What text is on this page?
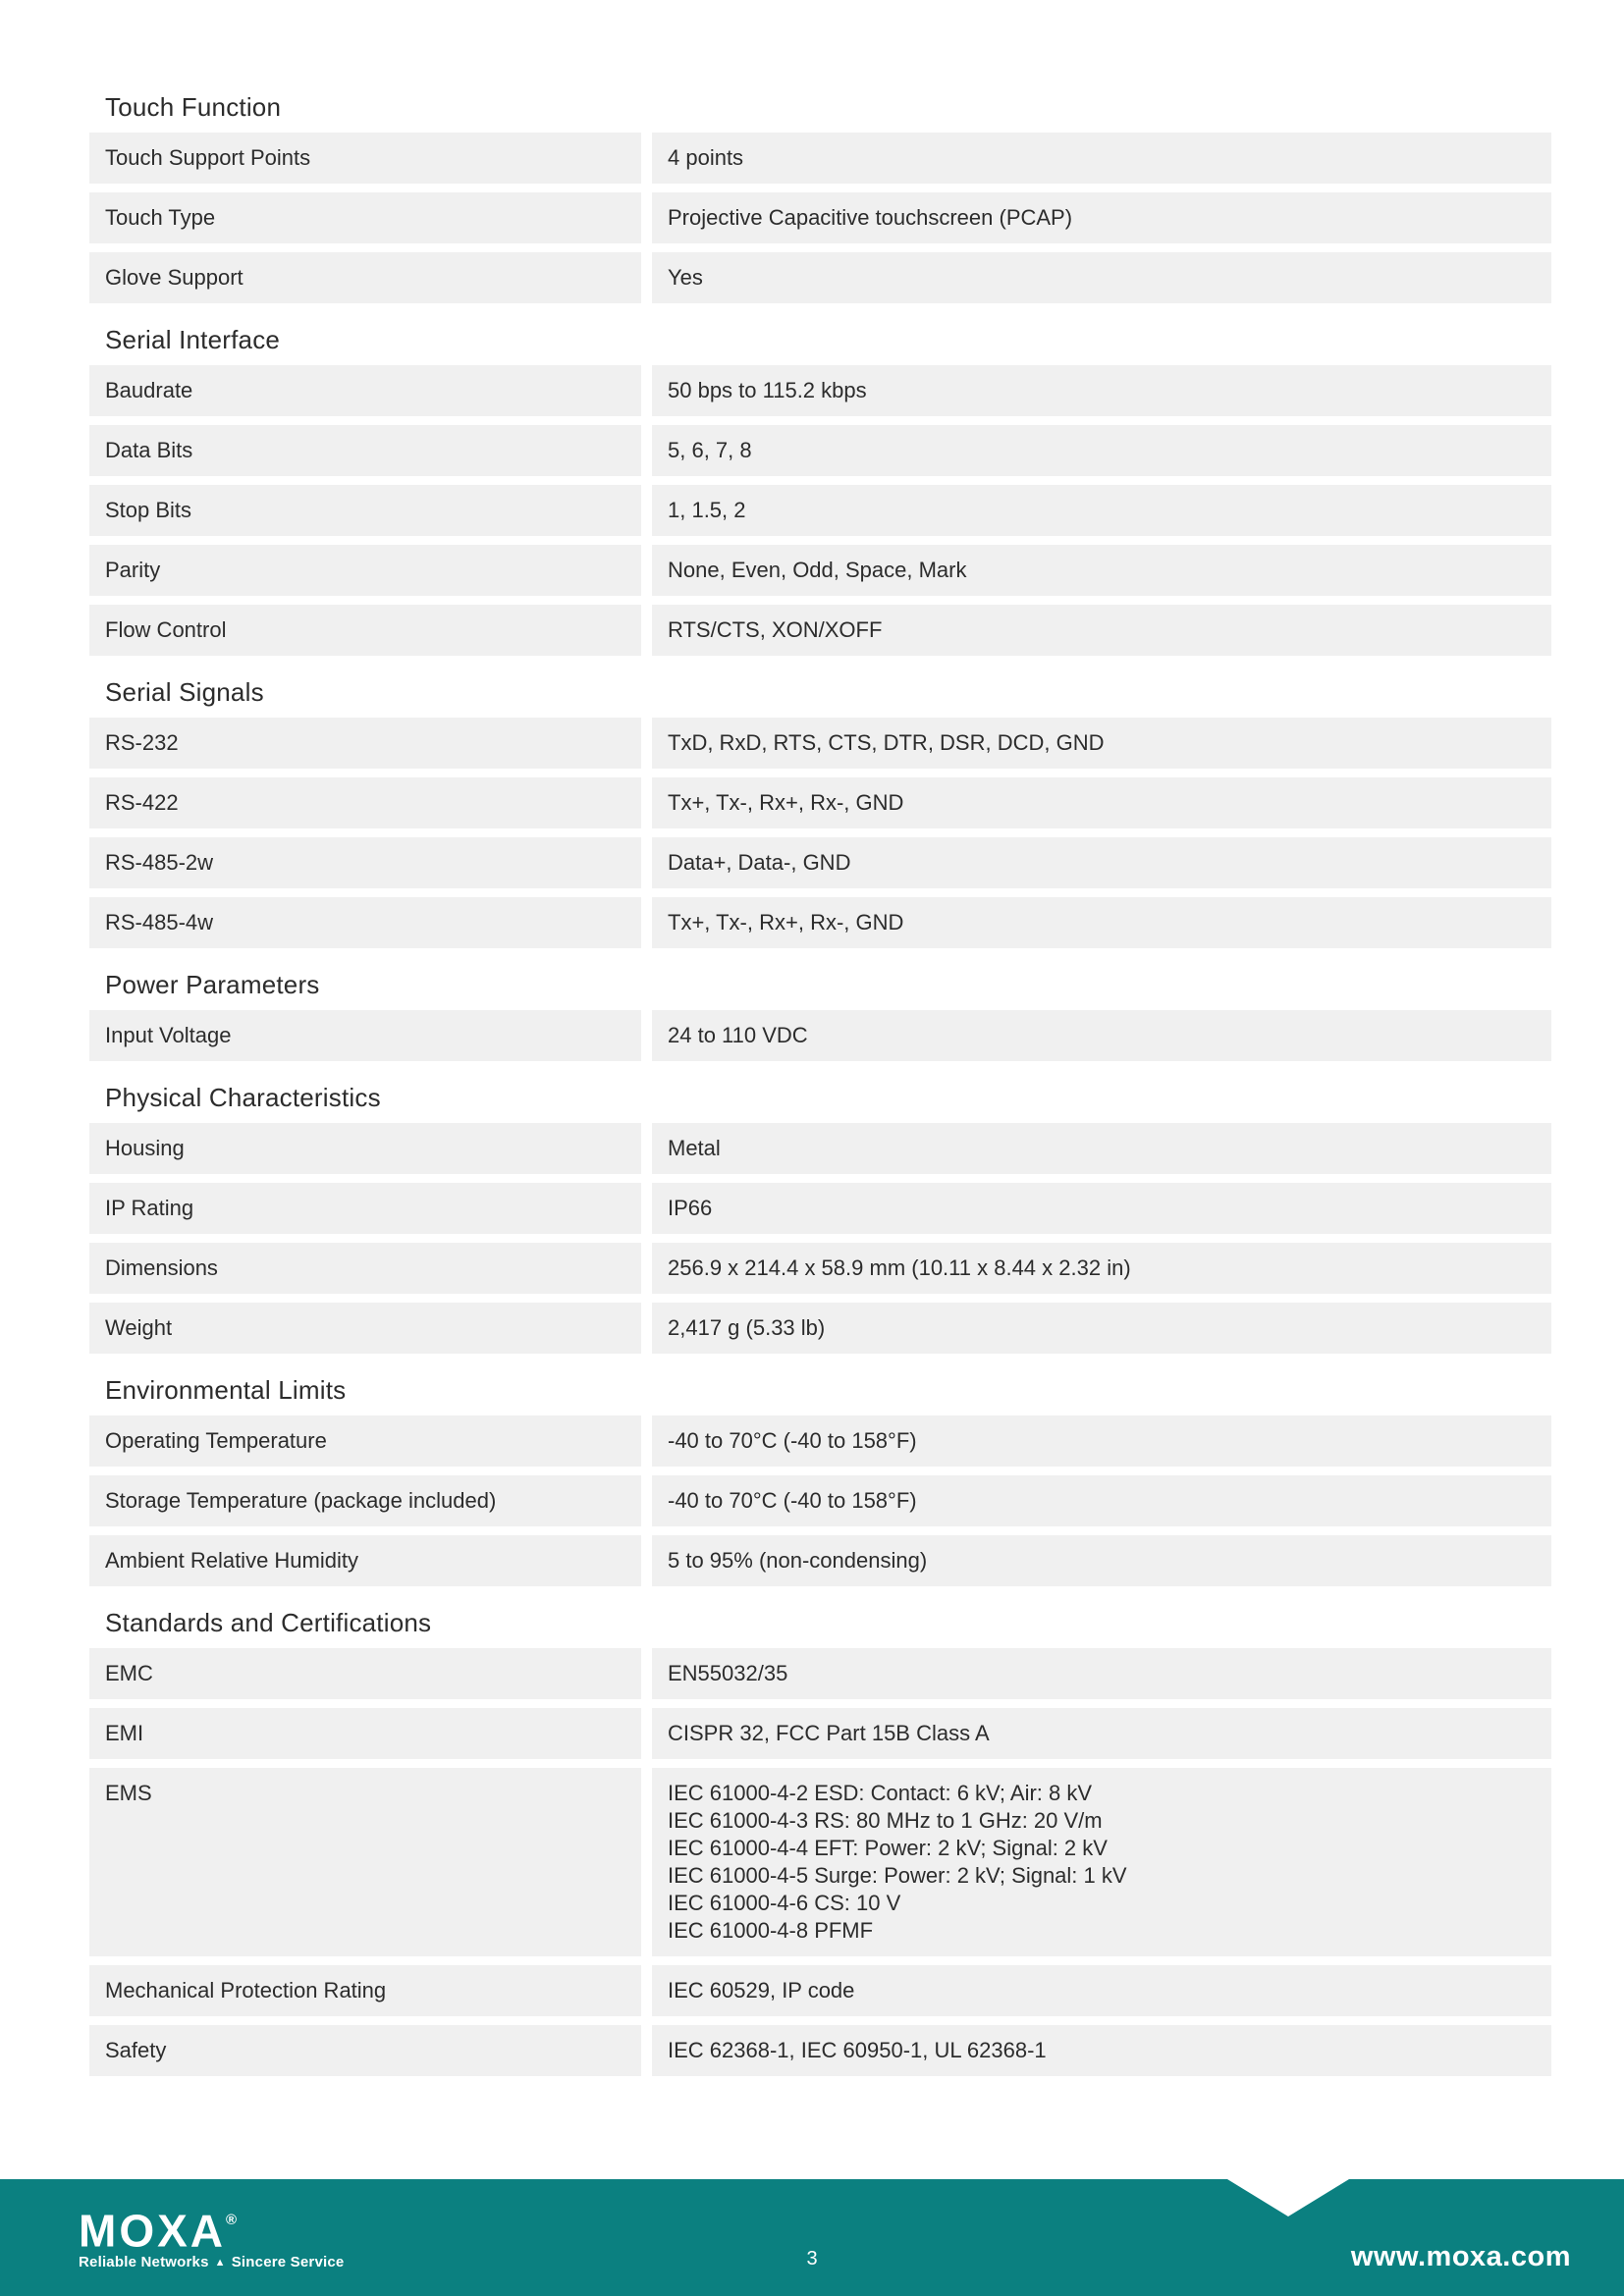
Touch Function
Touch Support Points	4 points
Touch Type	Projective Capacitive touchscreen (PCAP)
Glove Support	Yes
Serial Interface
Baudrate	50 bps to 115.2 kbps
Data Bits	5, 6, 7, 8
Stop Bits	1, 1.5, 2
Parity	None, Even, Odd, Space, Mark
Flow Control	RTS/CTS, XON/XOFF
Serial Signals
RS-232	TxD, RxD, RTS, CTS, DTR, DSR, DCD, GND
RS-422	Tx+, Tx-, Rx+, Rx-, GND
RS-485-2w	Data+, Data-, GND
RS-485-4w	Tx+, Tx-, Rx+, Rx-, GND
Power Parameters
Input Voltage	24 to 110 VDC
Physical Characteristics
Housing	Metal
IP Rating	IP66
Dimensions	256.9 x 214.4 x 58.9 mm (10.11 x 8.44 x 2.32 in)
Weight	2,417 g (5.33 lb)
Environmental Limits
Operating Temperature	-40 to 70°C (-40 to 158°F)
Storage Temperature (package included)	-40 to 70°C (-40 to 158°F)
Ambient Relative Humidity	5 to 95% (non-condensing)
Standards and Certifications
EMC	EN55032/35
EMI	CISPR 32, FCC Part 15B Class A
EMS	IEC 61000-4-2 ESD: Contact: 6 kV; Air: 8 kV
IEC 61000-4-3 RS: 80 MHz to 1 GHz: 20 V/m
IEC 61000-4-4 EFT: Power: 2 kV; Signal: 2 kV
IEC 61000-4-5 Surge: Power: 2 kV; Signal: 1 kV
IEC 61000-4-6 CS: 10 V
IEC 61000-4-8 PFMF
Mechanical Protection Rating	IEC 60529, IP code
Safety	IEC 62368-1, IEC 60950-1, UL 62368-1
MOXA®
Reliable Networks ▲ Sincere Service	3	www.moxa.com
